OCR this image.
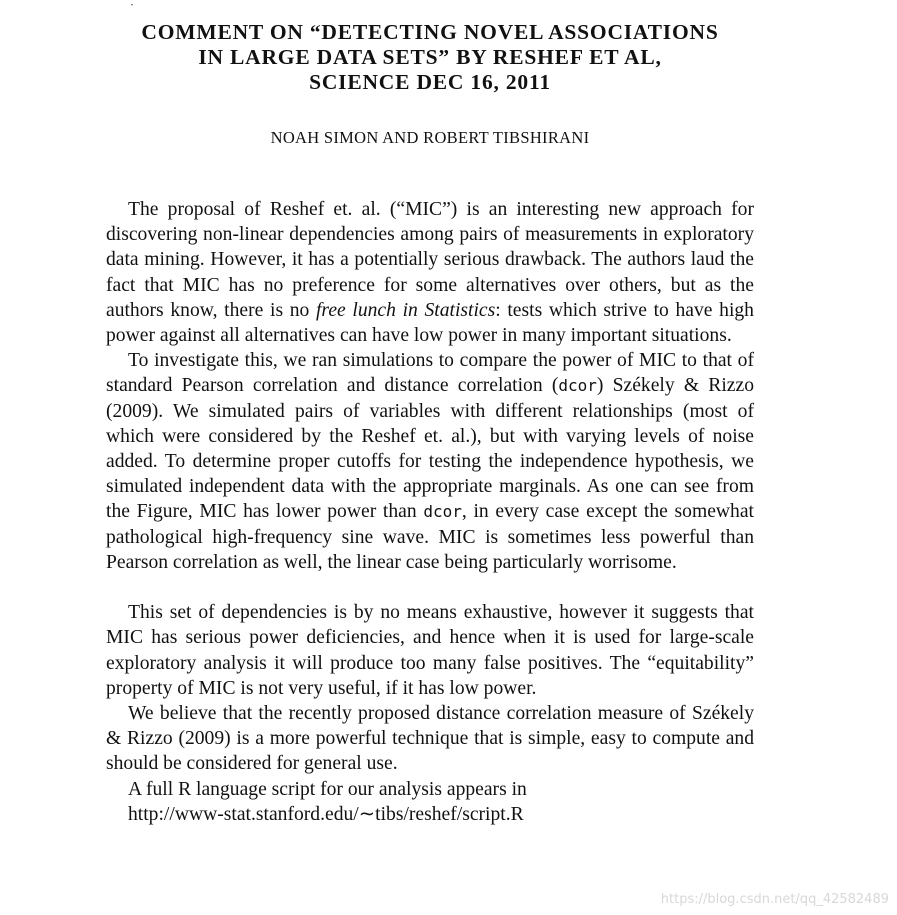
·
COMMENT ON “DETECTING NOVEL ASSOCIATIONS
IN LARGE DATA SETS” BY RESHEF ET AL,
SCIENCE DEC 16, 2011

NOAH SIMON AND ROBERT TIBSHIRANI

The proposal of Reshef et. al. (“MIC”) is an interesting new approach for discovering non-linear dependencies among pairs of measurements in exploratory data mining. However, it has a potentially serious drawback. The authors laud the fact that MIC has no preference for some alternatives over others, but as the authors know, there is no free lunch in Statistics: tests which strive to have high power against all alternatives can have low power in many important situations.

To investigate this, we ran simulations to compare the power of MIC to that of standard Pearson correlation and distance correlation (dcor) Székely & Rizzo (2009). We simulated pairs of variables with different relationships (most of which were considered by the Reshef et. al.), but with varying levels of noise added. To determine proper cutoffs for testing the independence hypothesis, we simulated independent data with the appropriate marginals. As one can see from the Figure, MIC has lower power than dcor, in every case except the somewhat pathological high-frequency sine wave. MIC is sometimes less powerful than Pearson correlation as well, the linear case being particularly worrisome.

This set of dependencies is by no means exhaustive, however it suggests that MIC has serious power deficiencies, and hence when it is used for large-scale exploratory analysis it will produce too many false positives. The “equitability” property of MIC is not very useful, if it has low power.

We believe that the recently proposed distance correlation measure of Székely & Rizzo (2009) is a more powerful technique that is simple, easy to compute and should be considered for general use.

A full R language script for our analysis appears in
http://www-stat.stanford.edu/∼tibs/reshef/script.R

https://blog.csdn.net/qq_42582489
